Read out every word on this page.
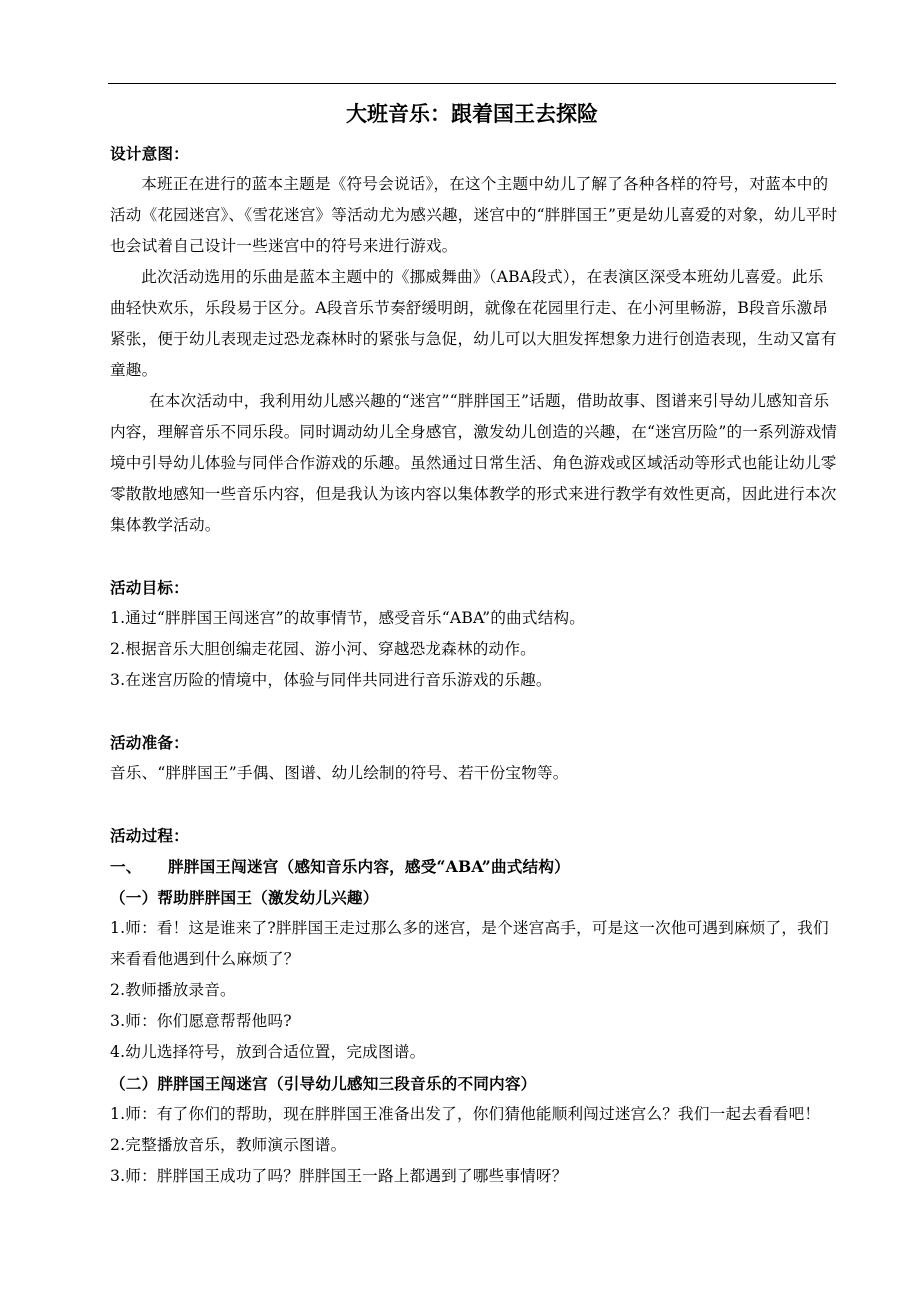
大班音乐：跟着国王去探险

设计意图：

本班正在进行的蓝本主题是《符号会说话》，在这个主题中幼儿了解了各种各样的符号，对蓝本中的活动《花园迷宫》、《雪花迷宫》等活动尤为感兴趣，迷宫中的“胖胖国王”更是幼儿喜爱的对象，幼儿平时也会试着自己设计一些迷宫中的符号来进行游戏。

此次活动选用的乐曲是蓝本主题中的《挪威舞曲》（ABA段式），在表演区深受本班幼儿喜爱。此乐曲轻快欢乐，乐段易于区分。A段音乐节奏舒缓明朗，就像在花园里行走、在小河里畅游，B段音乐激昂紧张，便于幼儿表现走过恐龙森林时的紧张与急促，幼儿可以大胆发挥想象力进行创造表现，生动又富有童趣。

在本次活动中，我利用幼儿感兴趣的“迷宫”“胖胖国王”话题，借助故事、图谱来引导幼儿感知音乐内容，理解音乐不同乐段。同时调动幼儿全身感官，激发幼儿创造的兴趣，在“迷宫历险”的一系列游戏情境中引导幼儿体验与同伴合作游戏的乐趣。虽然通过日常生活、角色游戏或区域活动等形式也能让幼儿零零散散地感知一些音乐内容，但是我认为该内容以集体教学的形式来进行教学有效性更高，因此进行本次集体教学活动。

活动目标：

1.通过“胖胖国王闯迷宫”的故事情节，感受音乐“ABA”的曲式结构。

2.根据音乐大胆创编走花园、游小河、穿越恐龙森林的动作。

3.在迷宫历险的情境中，体验与同伴共同进行音乐游戏的乐趣。

活动准备：

音乐、“胖胖国王”手偶、图谱、幼儿绘制的符号、若干份宝物等。

活动过程：

一、 胖胖国王闯迷宫（感知音乐内容，感受“ABA”曲式结构）

（一）帮助胖胖国王（激发幼儿兴趣）

1.师：看！这是谁来了?胖胖国王走过那么多的迷宫，是个迷宫高手，可是这一次他可遇到麻烦了，我们来看看他遇到什么麻烦了？

2.教师播放录音。

3.师：你们愿意帮帮他吗?

4.幼儿选择符号，放到合适位置，完成图谱。

（二）胖胖国王闯迷宫（引导幼儿感知三段音乐的不同内容）

1.师：有了你们的帮助，现在胖胖国王准备出发了，你们猜他能顺利闯过迷宫么？我们一起去看看吧！

2.完整播放音乐，教师演示图谱。

3.师：胖胖国王成功了吗？胖胖国王一路上都遇到了哪些事情呀？
